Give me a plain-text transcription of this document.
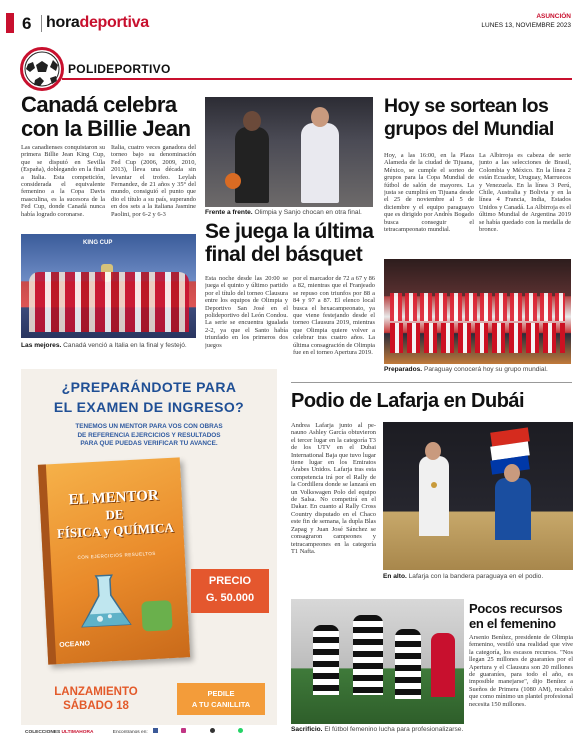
6 horadeportiva	ASUNCIÓN
LUNES 13, NOVIEMBRE 2023
POLIDEPORTIVO
Canadá celebra
con la Billie Jean
Las canadienses conquistaron su primera Billie Jean King Cup, que se disputó en Sevilla (España), doblegando en la final a Italia. Esta competición, considerada el equivalente femenino a la Copa Davis masculina, es la sucesora de la Fed Cup, donde Canadá nunca había logrado coronarse.
Italia, cuatro veces ganadora del torneo bajo su denominación Fed Cup (2006, 2009, 2010, 2013), lleva una década sin levantar el trofeo. Leylah Fernandez, de 21 años y 35° del mundo, consiguió el punto que dio el título a su país, superando en dos sets a la italiana Jasmine Paolini, por 6-2 y 6-3
KING CUP
Las mejores. Canadá venció a Italia en la final y festejó.
Frente a frente. Olimpia y Sanjo chocan en otra final.
Se juega la última
final del básquet
Esta noche desde las 20:00 se juega el quinto y último partido por el título del torneo Clausura entre los equipos de Olimpia y Deportivo San José en el polideportivo del León Condou. La serie se encuentra igualada 2-2, ya que el Santo había triunfado en los primeros dos juegos
por el marcador de 72 a 67 y 86 a 82, mientras que el Franjeado se repuso con triunfos por 88 a 84 y 97 a 87. El elenco local busca el hexacampeonato, ya que viene festejando desde el torneo Clausura 2019, mientras que Olimpia quiere volver a celebrar tras cuatro años. La última consagración de Olimpia fue en el torneo Apertura 2019.
Hoy se sortean los
grupos del Mundial
Hoy, a las 16:00, en la Plaza Alameda de la ciudad de Tijuana, México, se cumple el sorteo de grupos para la Copa Mundial de fútbol de salón de mayores. La justa se cumplirá en Tijuana desde el 25 de noviembre al 5 de diciembre y el equipo paraguayo que es dirigido por Andrés Bogado busca conseguir el tetracampeonato mundial.
La Albirroja es cabeza de serie junto a las selecciones de Brasil, Colombia y México. En la línea 2 están Ecuador, Uruguay, Marruecos y Venezuela. En la línea 3 Perú, Chile, Australia y Bolivia y en la línea 4 Francia, India, Estados Unidos y Canadá. La Albirroja es el último Mundial de Argentina 2019 se había quedado con la medalla de bronce.
Preparados. Paraguay conocerá hoy su grupo mundial.
¿PREPARÁNDOTE PARA
EL EXAMEN DE INGRESO?
TENEMOS UN MENTOR PARA VOS CON OBRAS
DE REFERENCIA EJERCICIOS Y RESULTADOS
PARA QUE PUEDAS VERIFICAR TU AVANCE.
EL MENTOR
DE
FÍSICA y QUÍMICA
CON EJERCICIOS RESUELTOS
OCEANO
PRECIO
G. 50.000
LANZAMIENTO
SÁBADO 18
PEDILE
A TU CANILLITA
COLECCIONES ULTIMAHORA	Encontranos en:
Podio de Lafarja en Dubái
Andrea Lafarja junto al pe-nauno Ashley García obtuvieron el tercer lugar en la categoría T3 de los UTV en el Dubai International Baja que tuvo lugar tiene lugar en los Emiratos Árabes Unidos. Lafarja tras esta competencia irá por el Rally de la Cordillera donde se lanzará en un Volkswagen Polo del equipo de Salsa. No competirá en el Dakar. En cuanto al Rally Cross Country disputado en el Chaco este fin de semana, la dupla Blas Zapag y Juan José Sánchez se consagraron campeones y tetracampeones en la categoría T1 Nafta.
En alto. Lafarja con la bandera paraguaya en el podio.
Sacrificio. El fútbol femenino lucha para profesionalizarse.
Pocos recursos
en el femenino
Arsenio Benítez, presidente de Olimpia femenino, vestiló una realidad que vive la categoría, los escasos recursos. "Nos llegan 25 millones de guaraníes por el Apertura y el Clausura son 20 millones de guaraníes, para todo el año, es imposible manejarse", dijo Benítez a Sueños de Primera (1080 AM), recalcó que como mínimo un plantel profesional necesita 150 millones.
